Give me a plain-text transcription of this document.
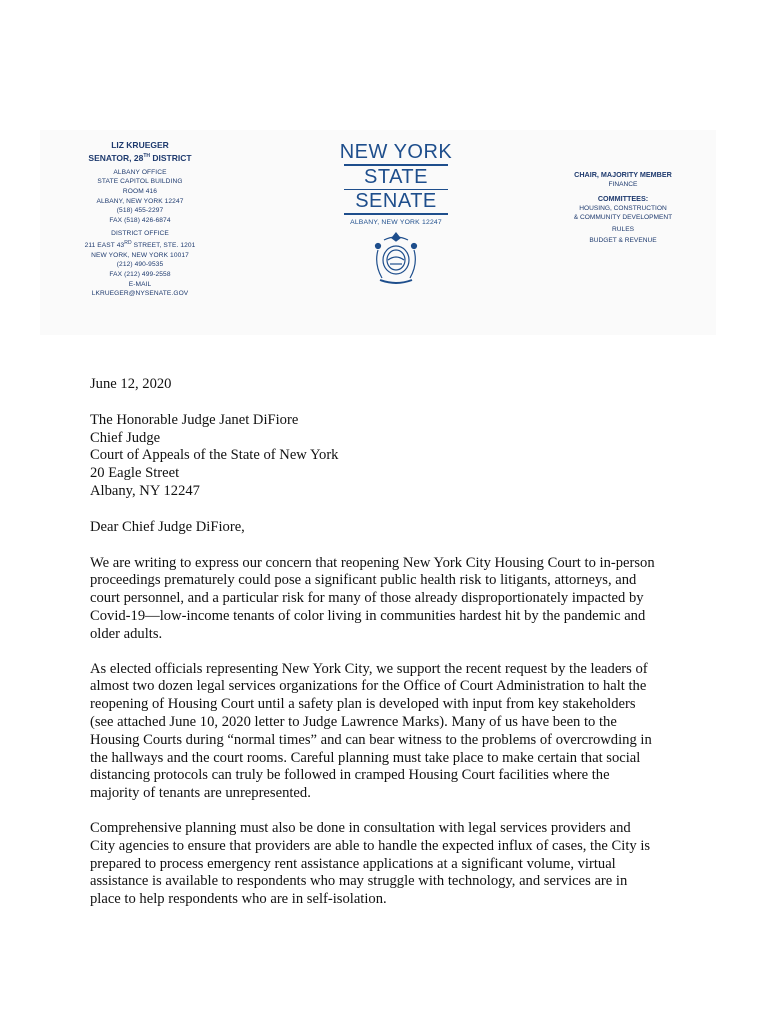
LIZ KRUEGER
SENATOR, 28TH DISTRICT
ALBANY OFFICE
STATE CAPITOL BUILDING
ROOM 416
ALBANY, NEW YORK 12247
(518) 455-2297
FAX (518) 426-6874
DISTRICT OFFICE
211 EAST 43RD STREET, STE. 1201
NEW YORK, NEW YORK 10017
(212) 490-9535
FAX (212) 499-2558
E-MAIL
LKRUEGER@NYSENATE.GOV
NEW YORK
STATE
SENATE
ALBANY, NEW YORK 12247
CHAIR, MAJORITY MEMBER
FINANCE
COMMITTEES:
HOUSING, CONSTRUCTION
& COMMUNITY DEVELOPMENT
RULES
BUDGET & REVENUE

June 12, 2020

The Honorable Judge Janet DiFiore

Chief Judge

Court of Appeals of the State of New York

20 Eagle Street

Albany, NY 12247

Dear Chief Judge DiFiore,

We are writing to express our concern that reopening New York City Housing Court to in-person

proceedings prematurely could pose a significant public health risk to litigants, attorneys, and

court personnel, and a particular risk for many of those already disproportionately impacted by

Covid-19—low-income tenants of color living in communities hardest hit by the pandemic and

older adults.

As elected officials representing New York City, we support the recent request by the leaders of

almost two dozen legal services organizations for the Office of Court Administration to halt the

reopening of Housing Court until a safety plan is developed with input from key stakeholders

(see attached June 10, 2020 letter to Judge Lawrence Marks). Many of us have been to the

Housing Courts during “normal times” and can bear witness to the problems of overcrowding in

the hallways and the court rooms. Careful planning must take place to make certain that social

distancing protocols can truly be followed in cramped Housing Court facilities where the

majority of tenants are unrepresented.

Comprehensive planning must also be done in consultation with legal services providers and

City agencies to ensure that providers are able to handle the expected influx of cases, the City is

prepared to process emergency rent assistance applications at a significant volume, virtual

assistance is available to respondents who may struggle with technology, and services are in

place to help respondents who are in self-isolation.
